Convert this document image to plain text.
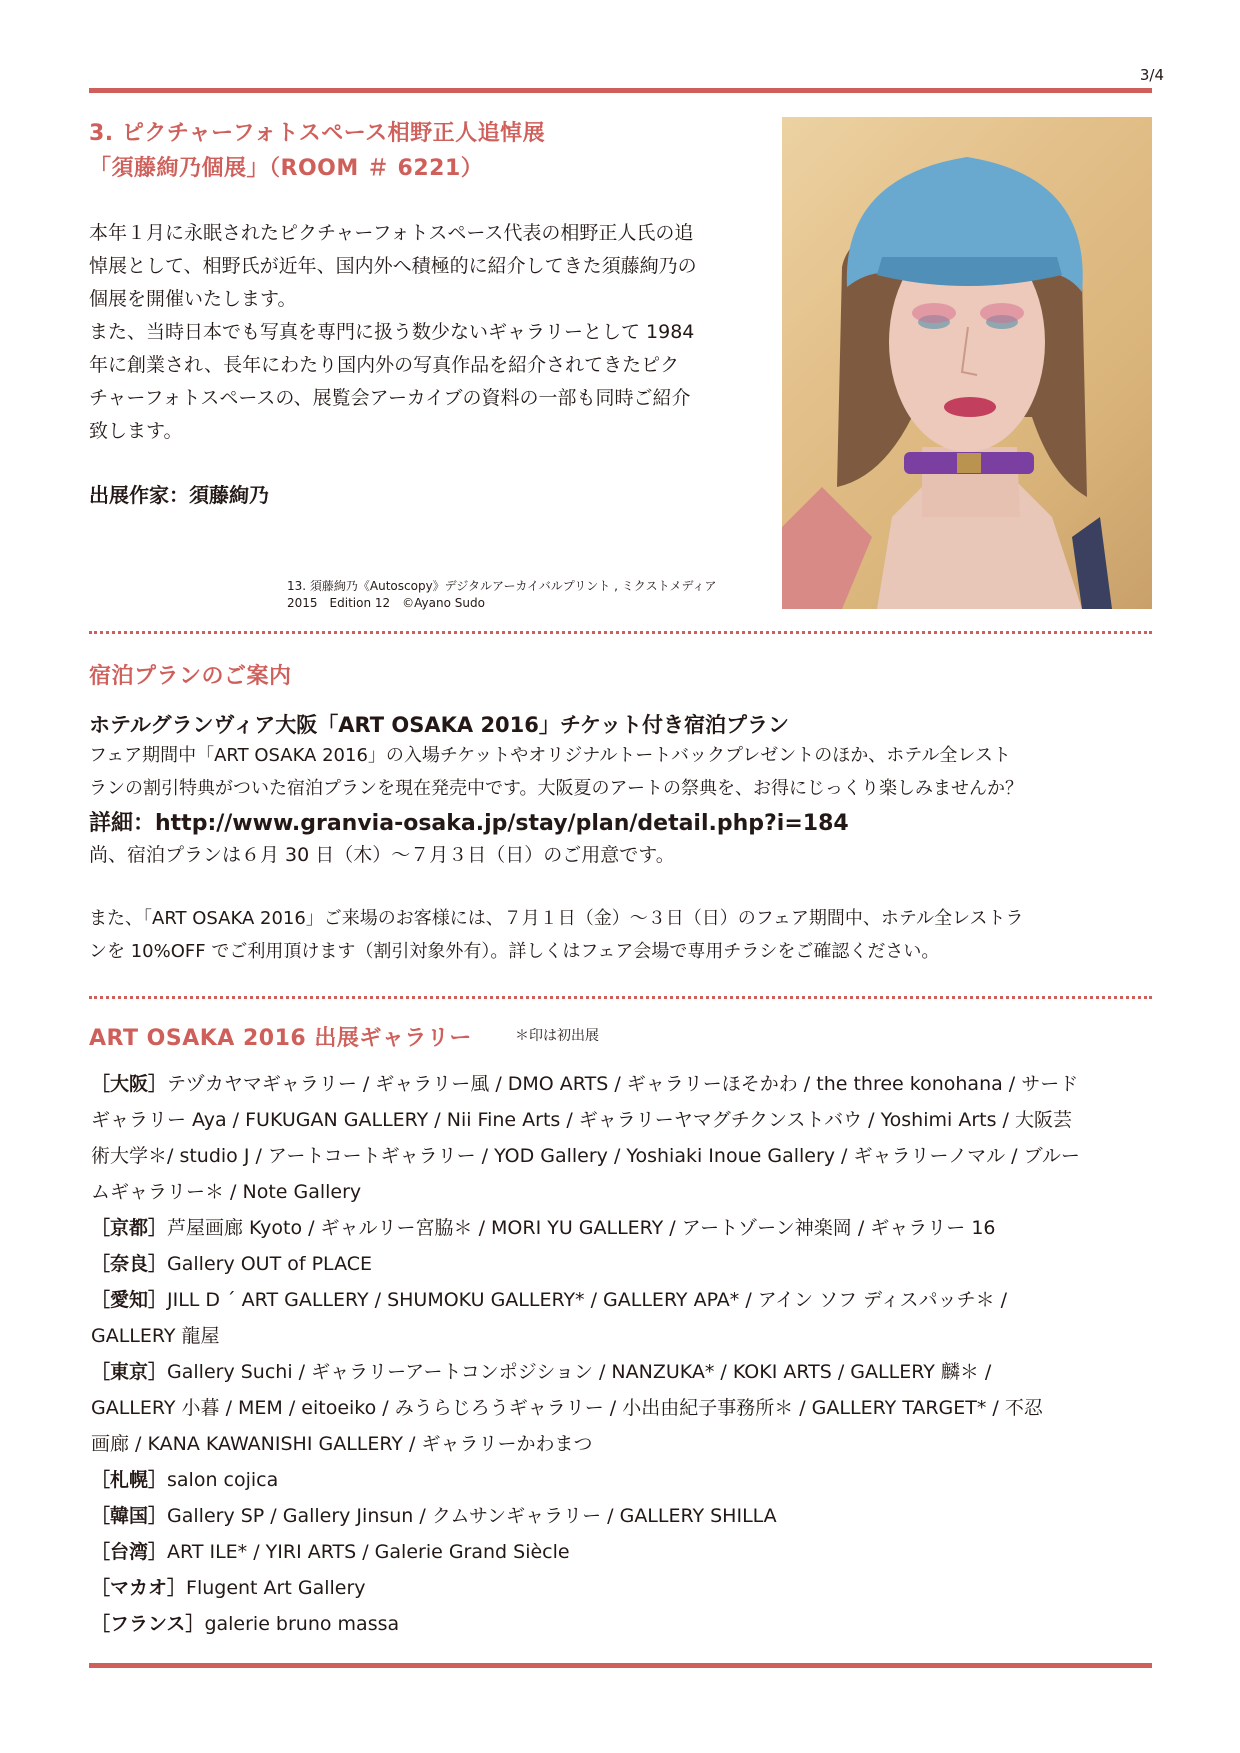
3/4
3. ピクチャーフォトスペース相野正人追悼展
「須藤絢乃個展」（ROOM ＃ 6221）
本年１月に永眠されたピクチャーフォトスペース代表の相野正人氏の追
悼展として、相野氏が近年、国内外へ積極的に紹介してきた須藤絢乃の
個展を開催いたします。
また、当時日本でも写真を専門に扱う数少ないギャラリーとして 1984
年に創業され、長年にわたり国内外の写真作品を紹介されてきたピク
チャーフォトスペースの、展覧会アーカイブの資料の一部も同時ご紹介
致します。
出展作家：須藤絢乃
13. 須藤絢乃《Autoscopy》デジタルアーカイバルプリント , ミクストメディア
2015　Edition 12　©Ayano Sudo
宿泊プランのご案内
ホテルグランヴィア大阪「ART OSAKA 2016」チケット付き宿泊プラン
フェア期間中「ART OSAKA 2016」の入場チケットやオリジナルトートバックプレゼントのほか、ホテル全レスト
ランの割引特典がついた宿泊プランを現在発売中です。大阪夏のアートの祭典を、お得にじっくり楽しみませんか？
詳細：http://www.granvia-osaka.jp/stay/plan/detail.php?i=184
尚、宿泊プランは６月 30 日（木）～７月３日（日）のご用意です。
また、「ART OSAKA 2016」ご来場のお客様には、７月１日（金）～３日（日）のフェア期間中、ホテル全レストラ
ンを 10%OFF でご利用頂けます（割引対象外有）。詳しくはフェア会場で専用チラシをご確認ください。
ART OSAKA 2016 出展ギャラリー	＊印は初出展
［大阪］テヅカヤマギャラリー / ギャラリー風 / DMO ARTS / ギャラリーほそかわ / the three konohana / サード
ギャラリー Aya / FUKUGAN GALLERY / Nii Fine Arts / ギャラリーヤマグチクンストバウ / Yoshimi Arts / 大阪芸
術大学＊/ studio J / アートコートギャラリー / YOD Gallery / Yoshiaki Inoue Gallery / ギャラリーノマル / ブルー
ムギャラリー＊ / Note Gallery
［京都］芦屋画廊 Kyoto / ギャルリー宮脇＊ / MORI YU GALLERY / アートゾーン神楽岡 / ギャラリー 16
［奈良］Gallery OUT of PLACE
［愛知］JILL D ´ ART GALLERY / SHUMOKU GALLERY* / GALLERY APA* / アイン ソフ ディスパッチ＊ /
GALLERY 龍屋
［東京］Gallery Suchi / ギャラリーアートコンポジション / NANZUKA* / KOKI ARTS / GALLERY 麟＊ /
GALLERY 小暮 / MEM / eitoeiko / みうらじろうギャラリー / 小出由紀子事務所＊ / GALLERY TARGET* / 不忍
画廊 / KANA KAWANISHI GALLERY / ギャラリーかわまつ
［札幌］salon cojica
［韓国］Gallery SP / Gallery Jinsun / クムサンギャラリー / GALLERY SHILLA
［台湾］ART ILE* / YIRI ARTS / Galerie Grand Siècle
［マカオ］Flugent Art Gallery
［フランス］galerie bruno massa
